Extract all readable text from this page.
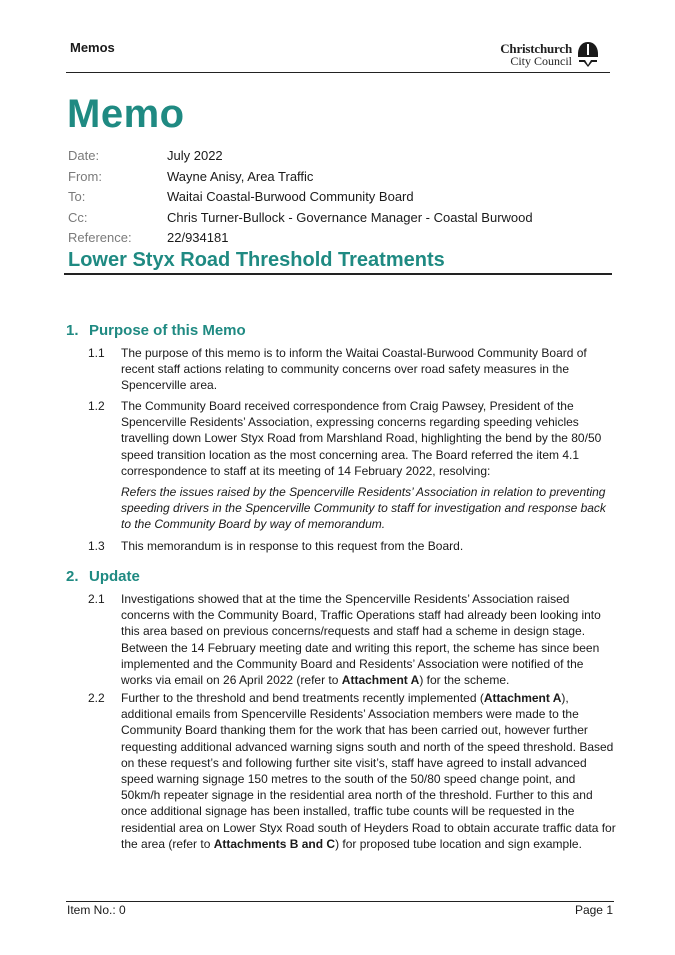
Memos	Christchurch
City Council
Memo
Date:	July 2022
From:	Wayne Anisy, Area Traffic
To:	Waitai Coastal-Burwood Community Board
Cc:	Chris Turner-Bullock - Governance Manager - Coastal Burwood
Reference:	22/934181
Lower Styx Road Threshold Treatments
1. Purpose of this Memo
1.1	The purpose of this memo is to inform the Waitai Coastal-Burwood Community Board of recent staff actions relating to community concerns over road safety measures in the Spencerville area.
1.2	The Community Board received correspondence from Craig Pawsey, President of the Spencerville Residents’ Association, expressing concerns regarding speeding vehicles travelling down Lower Styx Road from Marshland Road, highlighting the bend by the 80/50 speed transition location as the most concerning area. The Board referred the item 4.1 correspondence to staff at its meeting of 14 February 2022, resolving:
Refers the issues raised by the Spencerville Residents’ Association in relation to preventing speeding drivers in the Spencerville Community to staff for investigation and response back to the Community Board by way of memorandum.
1.3	This memorandum is in response to this request from the Board.
2. Update
2.1	Investigations showed that at the time the Spencerville Residents’ Association raised concerns with the Community Board, Traffic Operations staff had already been looking into this area based on previous concerns/requests and staff had a scheme in design stage. Between the 14 February meeting date and writing this report, the scheme has since been implemented and the Community Board and Residents’ Association were notified of the works via email on 26 April 2022 (refer to Attachment A) for the scheme.
2.2	Further to the threshold and bend treatments recently implemented (Attachment A), additional emails from Spencerville Residents’ Association members were made to the Community Board thanking them for the work that has been carried out, however further requesting additional advanced warning signs south and north of the speed threshold. Based on these request’s and following further site visit’s, staff have agreed to install advanced speed warning signage 150 metres to the south of the 50/80 speed change point, and 50km/h repeater signage in the residential area north of the threshold. Further to this and once additional signage has been installed, traffic tube counts will be requested in the residential area on Lower Styx Road south of Heyders Road to obtain accurate traffic data for the area (refer to Attachments B and C) for proposed tube location and sign example.
Item No.: 0	Page 1
